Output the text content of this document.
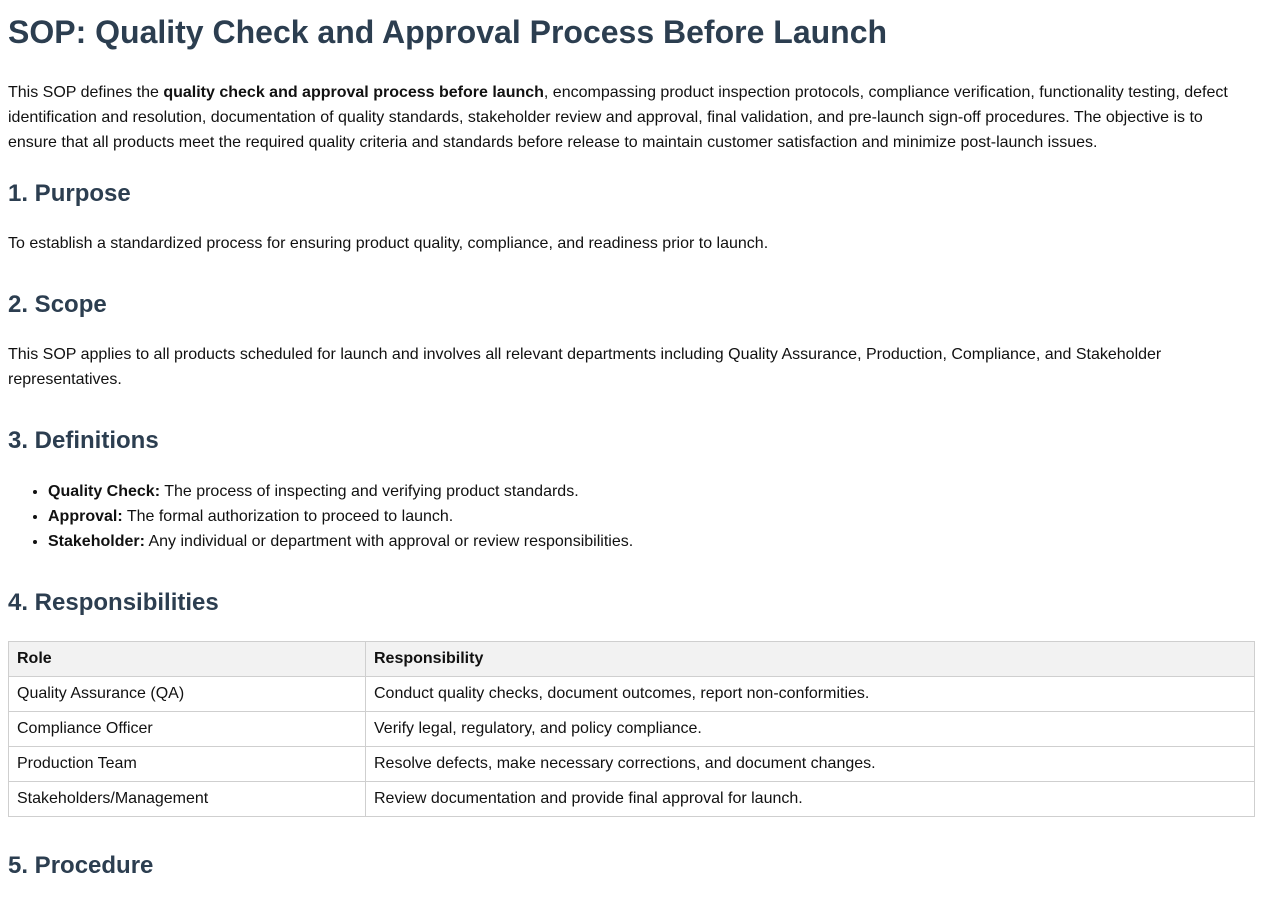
SOP: Quality Check and Approval Process Before Launch

This SOP defines the quality check and approval process before launch, encompassing product inspection protocols, compliance verification, functionality testing, defect identification and resolution, documentation of quality standards, stakeholder review and approval, final validation, and pre-launch sign-off procedures. The objective is to ensure that all products meet the required quality criteria and standards before release to maintain customer satisfaction and minimize post-launch issues.

1. Purpose

To establish a standardized process for ensuring product quality, compliance, and readiness prior to launch.

2. Scope

This SOP applies to all products scheduled for launch and involves all relevant departments including Quality Assurance, Production, Compliance, and Stakeholder representatives.

3. Definitions
• Quality Check: The process of inspecting and verifying product standards.
• Approval: The formal authorization to proceed to launch.
• Stakeholder: Any individual or department with approval or review responsibilities.
4. Responsibilities
Role	Responsibility
Quality Assurance (QA)	Conduct quality checks, document outcomes, report non-conformities.
Compliance Officer	Verify legal, regulatory, and policy compliance.
Production Team	Resolve defects, make necessary corrections, and document changes.
Stakeholders/Management	Review documentation and provide final approval for launch.
5. Procedure
